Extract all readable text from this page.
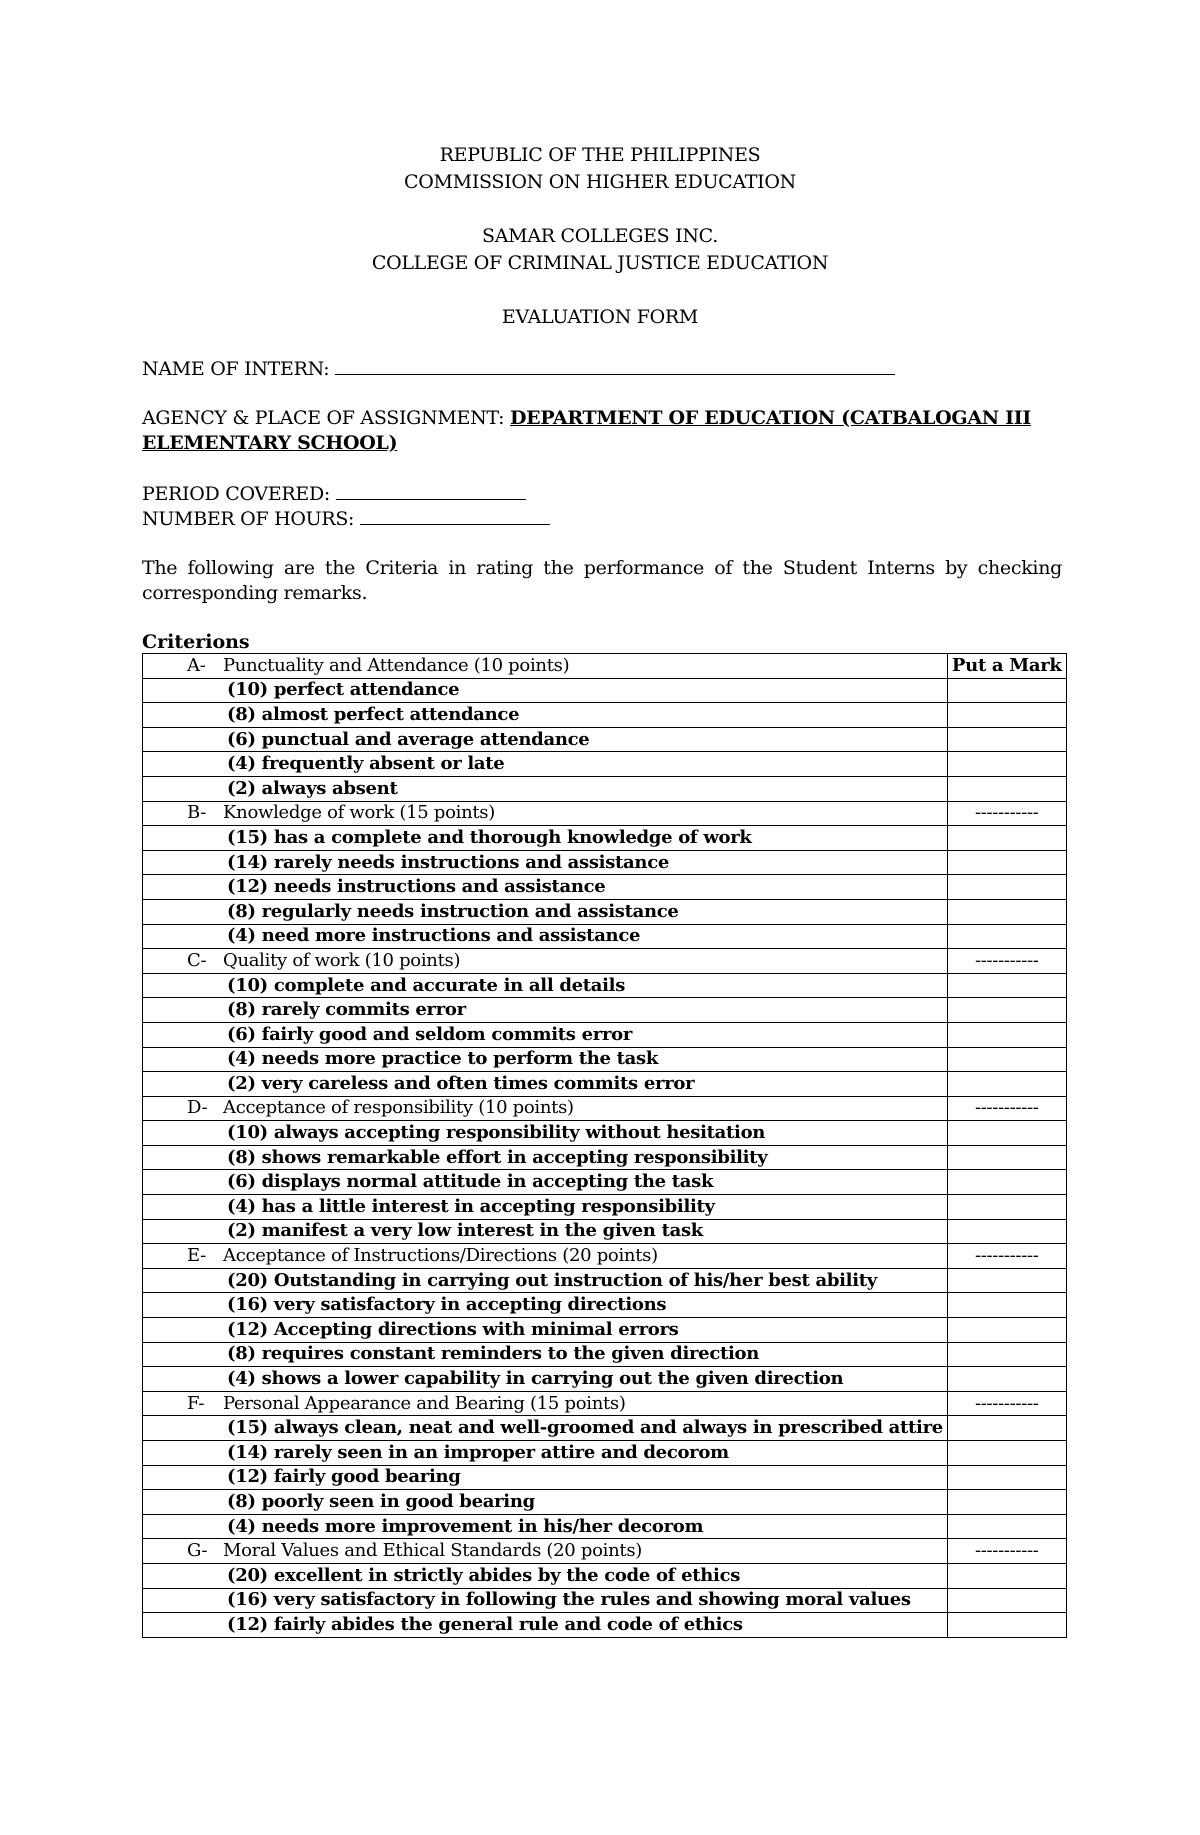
REPUBLIC OF THE PHILIPPINES
COMMISSION ON HIGHER EDUCATION
SAMAR COLLEGES INC.
COLLEGE OF CRIMINAL JUSTICE EDUCATION
EVALUATION FORM
NAME OF INTERN:
AGENCY & PLACE OF ASSIGNMENT: DEPARTMENT OF EDUCATION (CATBALOGAN III
ELEMENTARY SCHOOL)
PERIOD COVERED:
NUMBER OF HOURS:
The following are the Criteria in rating the performance of the Student Interns by checking corresponding remarks.
Criterions
A- Punctuality and Attendance (10 points)	Put a Mark
(10) perfect attendance	
(8) almost perfect attendance	
(6) punctual and average attendance	
(4) frequently absent or late	
(2) always absent	
B- Knowledge of work (15 points)	-----------
(15) has a complete and thorough knowledge of work	
(14) rarely needs instructions and assistance	
(12) needs instructions and assistance	
(8) regularly needs instruction and assistance	
(4) need more instructions and assistance	
C- Quality of work (10 points)	-----------
(10) complete and accurate in all details	
(8) rarely commits error	
(6) fairly good and seldom commits error	
(4) needs more practice to perform the task	
(2) very careless and often times commits error	
D- Acceptance of responsibility (10 points)	-----------
(10) always accepting responsibility without hesitation	
(8) shows remarkable effort in accepting responsibility	
(6) displays normal attitude in accepting the task	
(4) has a little interest in accepting responsibility	
(2) manifest a very low interest in the given task	
E- Acceptance of Instructions/Directions (20 points)	-----------
(20) Outstanding in carrying out instruction of his/her best ability	
(16) very satisfactory in accepting directions	
(12) Accepting directions with minimal errors	
(8) requires constant reminders to the given direction	
(4) shows a lower capability in carrying out the given direction	
F- Personal Appearance and Bearing (15 points)	-----------
(15) always clean, neat and well-groomed and always in prescribed attire	
(14) rarely seen in an improper attire and decorom	
(12) fairly good bearing	
(8) poorly seen in good bearing	
(4) needs more improvement in his/her decorom	
G- Moral Values and Ethical Standards (20 points)	-----------
(20) excellent in strictly abides by the code of ethics	
(16) very satisfactory in following the rules and showing moral values	
(12) fairly abides the general rule and code of ethics	
